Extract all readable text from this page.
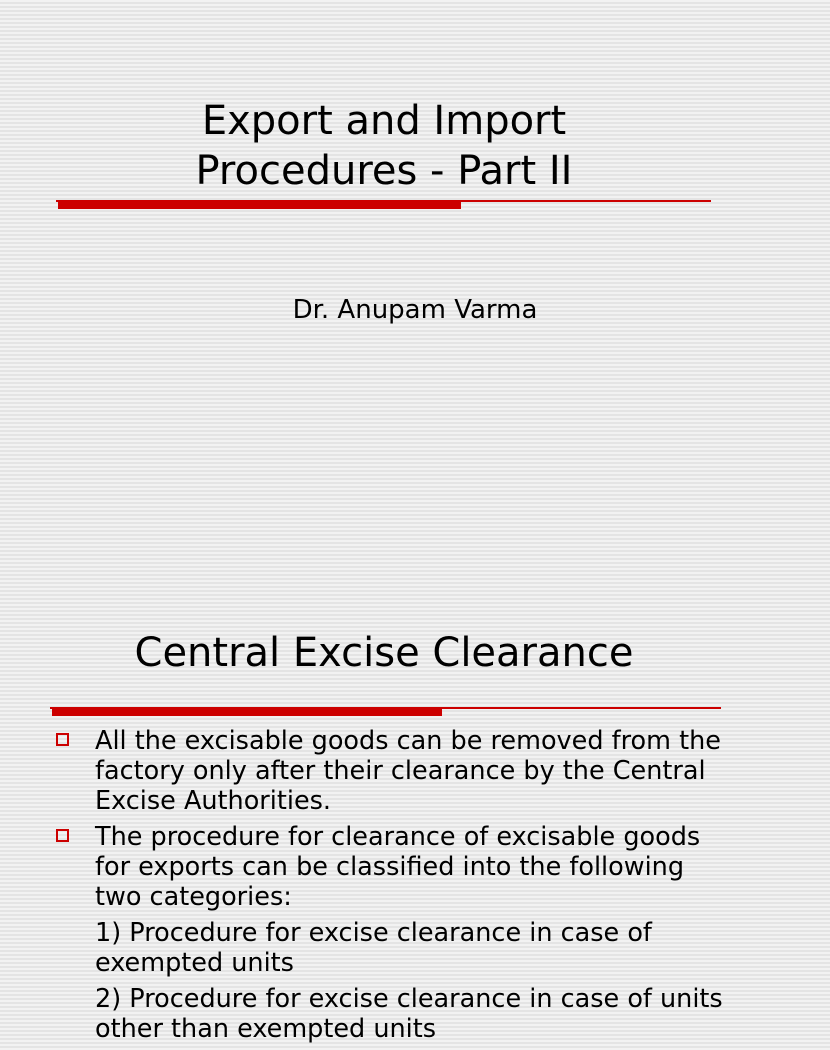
Export and Import
Procedures - Part II

Dr. Anupam Varma

Central Excise Clearance
All the excisable goods can be removed from the factory only after their clearance by the Central Excise Authorities.
The procedure for clearance of excisable goods for exports can be classified into the following two categories:
1) Procedure for excise clearance in case of exempted units
2) Procedure for excise clearance in case of units other than exempted units
